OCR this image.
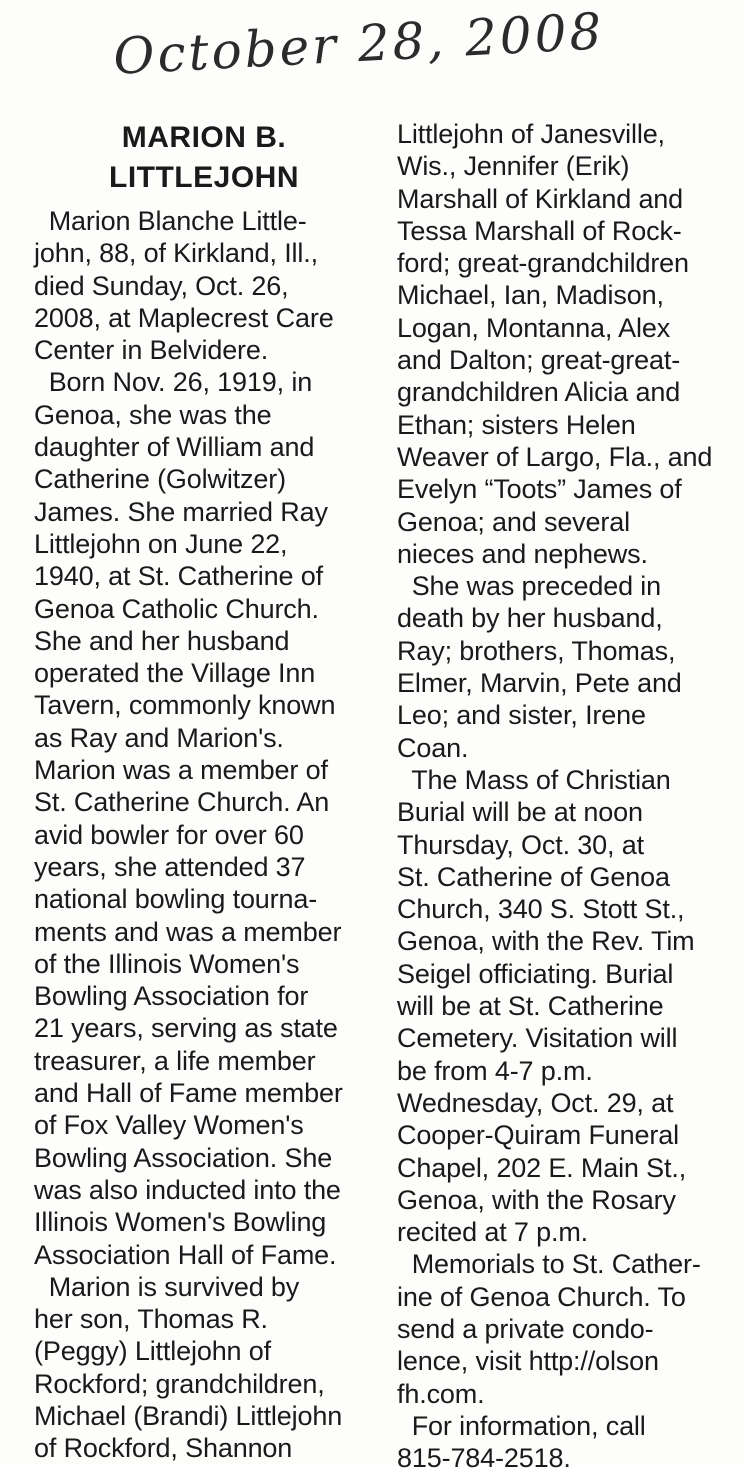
October 28, 2008
MARION B.
LITTLEJOHN
Marion Blanche Little-
john, 88, of Kirkland, Ill.,
died Sunday, Oct. 26,
2008, at Maplecrest Care
Center in Belvidere.
Born Nov. 26, 1919, in
Genoa, she was the
daughter of William and
Catherine (Golwitzer)
James. She married Ray
Littlejohn on June 22,
1940, at St. Catherine of
Genoa Catholic Church.
She and her husband
operated the Village Inn
Tavern, commonly known
as Ray and Marion's.
Marion was a member of
St. Catherine Church. An
avid bowler for over 60
years, she attended 37
national bowling tourna-
ments and was a member
of the Illinois Women's
Bowling Association for
21 years, serving as state
treasurer, a life member
and Hall of Fame member
of Fox Valley Women's
Bowling Association. She
was also inducted into the
Illinois Women's Bowling
Association Hall of Fame.
Marion is survived by
her son, Thomas R.
(Peggy) Littlejohn of
Rockford; grandchildren,
Michael (Brandi) Littlejohn
of Rockford, Shannon
Littlejohn of Janesville,
Wis., Jennifer (Erik)
Marshall of Kirkland and
Tessa Marshall of Rock-
ford; great-grandchildren
Michael, Ian, Madison,
Logan, Montanna, Alex
and Dalton; great-great-
grandchildren Alicia and
Ethan; sisters Helen
Weaver of Largo, Fla., and
Evelyn “Toots” James of
Genoa; and several
nieces and nephews.
She was preceded in
death by her husband,
Ray; brothers, Thomas,
Elmer, Marvin, Pete and
Leo; and sister, Irene
Coan.
The Mass of Christian
Burial will be at noon
Thursday, Oct. 30, at
St. Catherine of Genoa
Church, 340 S. Stott St.,
Genoa, with the Rev. Tim
Seigel officiating. Burial
will be at St. Catherine
Cemetery. Visitation will
be from 4-7 p.m.
Wednesday, Oct. 29, at
Cooper-Quiram Funeral
Chapel, 202 E. Main St.,
Genoa, with the Rosary
recited at 7 p.m.
Memorials to St. Cather-
ine of Genoa Church. To
send a private condo-
lence, visit http://olson
fh.com.
For information, call
815-784-2518.
